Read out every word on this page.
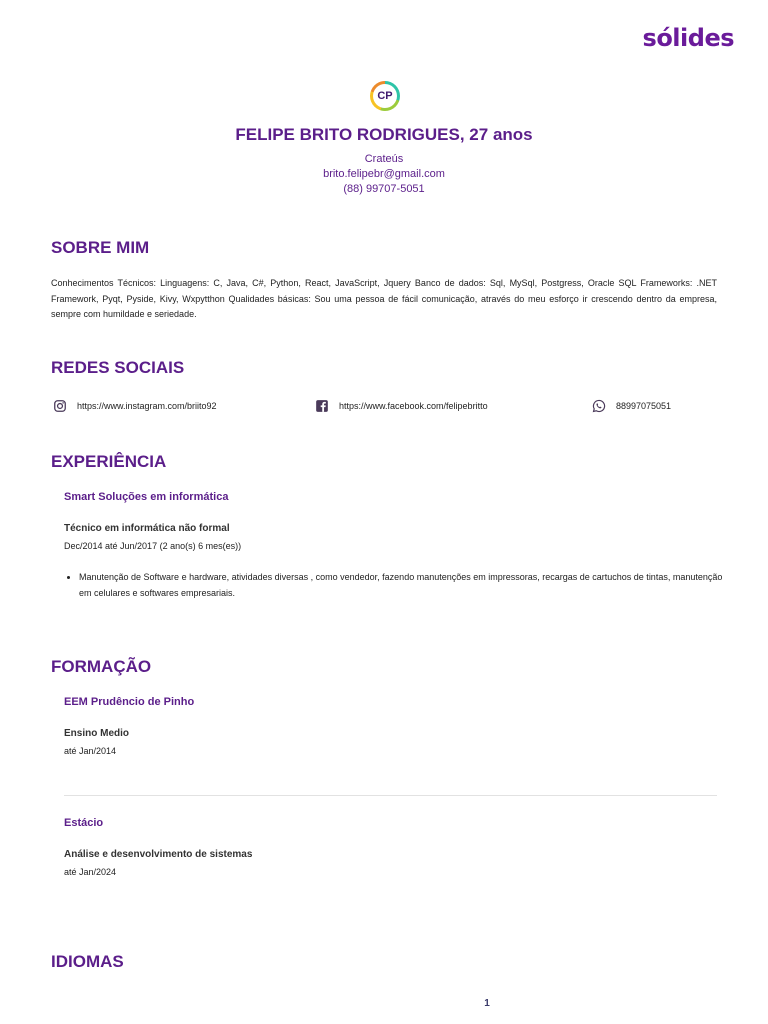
sólides
CP
FELIPE BRITO RODRIGUES, 27 anos
Crateús
brito.felipebr@gmail.com
(88) 99707-5051
SOBRE MIM
Conhecimentos Técnicos: Linguagens: C, Java, C#, Python, React, JavaScript, Jquery Banco de dados: Sql, MySql, Postgress, Oracle SQL Frameworks: .NET Framework, Pyqt, Pyside, Kivy, Wxpytthon Qualidades básicas: Sou uma pessoa de fácil comunicação, através do meu esforço ir crescendo dentro da empresa, sempre com humildade e seriedade.
REDES SOCIAIS
https://www.instagram.com/briito92	https://www.facebook.com/felipebritto	88997075051
EXPERIÊNCIA
Smart Soluções em informática
Técnico em informática não formal
Dec/2014 até Jun/2017 (2 ano(s) 6 mes(es))
• Manutenção de Software e hardware, atividades diversas , como vendedor, fazendo manutenções em impressoras, recargas de cartuchos de tintas, manutenção em celulares e softwares empresariais.
FORMAÇÃO
EEM Prudêncio de Pinho
Ensino Medio
até Jan/2014
Estácio
Análise e desenvolvimento de sistemas
até Jan/2024
IDIOMAS
1
